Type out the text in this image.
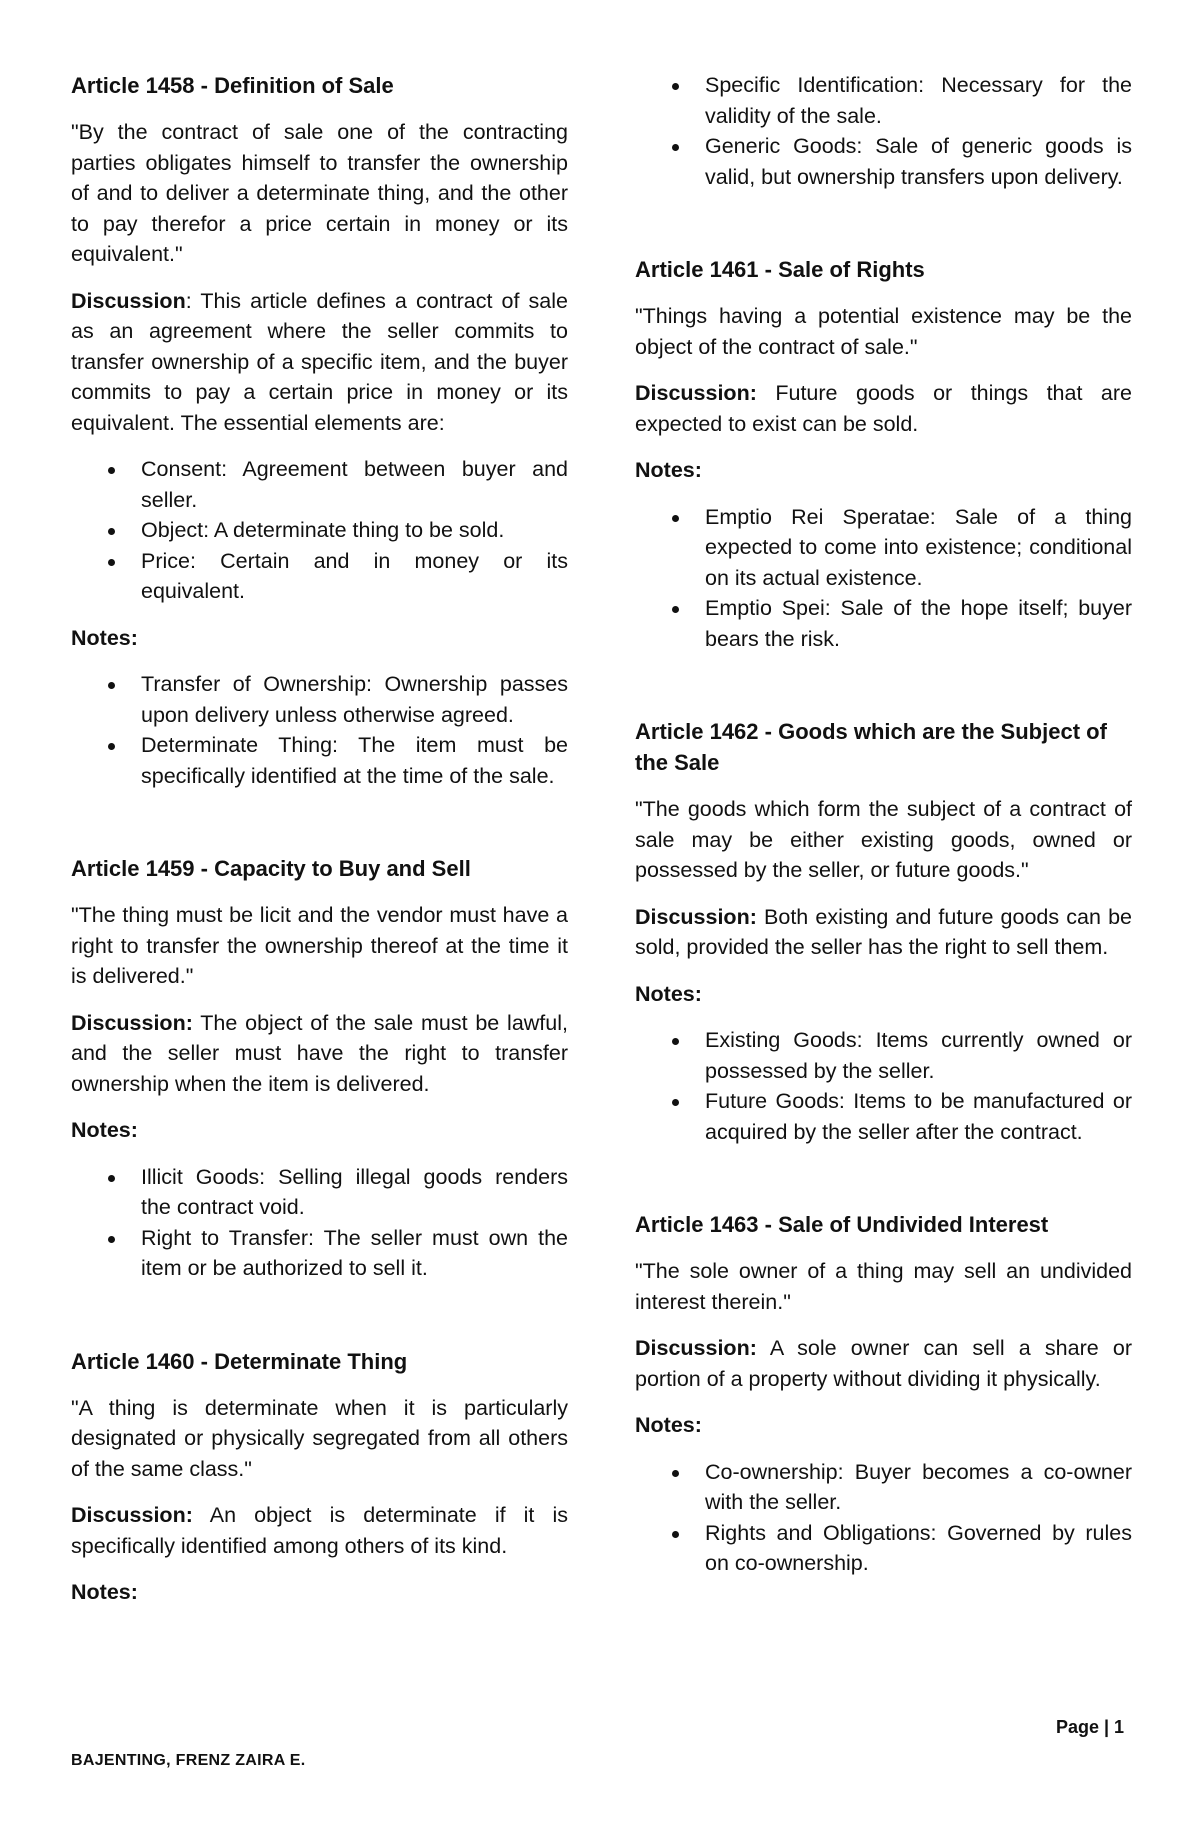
Article 1458 - Definition of Sale

"By the contract of sale one of the contracting parties obligates himself to transfer the ownership of and to deliver a determinate thing, and the other to pay therefor a price certain in money or its equivalent."

Discussion: This article defines a contract of sale as an agreement where the seller commits to transfer ownership of a specific item, and the buyer commits to pay a certain price in money or its equivalent. The essential elements are:

Consent: Agreement between buyer and seller.
Object: A determinate thing to be sold.
Price: Certain and in money or its equivalent.
Notes:
Transfer of Ownership: Ownership passes upon delivery unless otherwise agreed.
Determinate Thing: The item must be specifically identified at the time of the sale.
Article 1459 - Capacity to Buy and Sell

"The thing must be licit and the vendor must have a right to transfer the ownership thereof at the time it is delivered."

Discussion: The object of the sale must be lawful, and the seller must have the right to transfer ownership when the item is delivered.

Notes:
Illicit Goods: Selling illegal goods renders the contract void.
Right to Transfer: The seller must own the item or be authorized to sell it.
Article 1460 - Determinate Thing

"A thing is determinate when it is particularly designated or physically segregated from all others of the same class."

Discussion: An object is determinate if it is specifically identified among others of its kind.

Notes:
Specific Identification: Necessary for the validity of the sale.
Generic Goods: Sale of generic goods is valid, but ownership transfers upon delivery.
Article 1461 - Sale of Rights

"Things having a potential existence may be the object of the contract of sale."

Discussion: Future goods or things that are expected to exist can be sold.

Notes:
Emptio Rei Speratae: Sale of a thing expected to come into existence; conditional on its actual existence.
Emptio Spei: Sale of the hope itself; buyer bears the risk.
Article 1462 - Goods which are the Subject of the Sale

"The goods which form the subject of a contract of sale may be either existing goods, owned or possessed by the seller, or future goods."

Discussion: Both existing and future goods can be sold, provided the seller has the right to sell them.

Notes:
Existing Goods: Items currently owned or possessed by the seller.
Future Goods: Items to be manufactured or acquired by the seller after the contract.
Article 1463 - Sale of Undivided Interest

"The sole owner of a thing may sell an undivided interest therein."

Discussion: A sole owner can sell a share or portion of a property without dividing it physically.

Notes:
Co-ownership: Buyer becomes a co-owner with the seller.
Rights and Obligations: Governed by rules on co-ownership.
Page | 1
BAJENTING, FRENZ ZAIRA E.
